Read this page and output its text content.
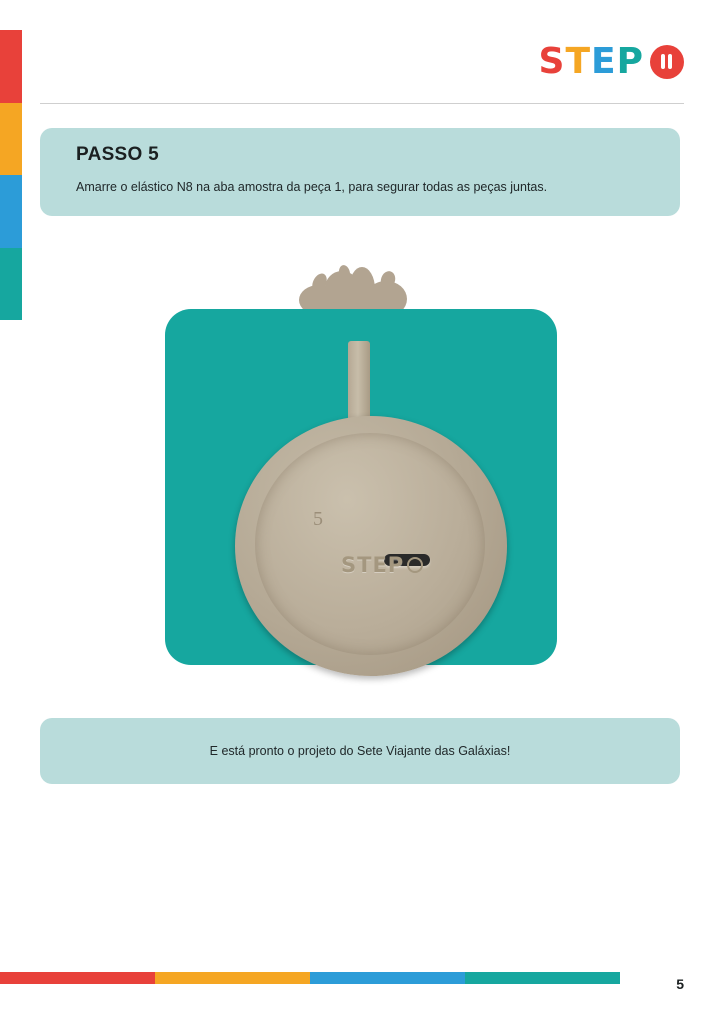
S T E P
PASSO 5
Amarre o elástico N8 na aba amostra da peça 1, para segurar todas as peças juntas.
5
STEP
E está pronto o projeto do Sete Viajante das Galáxias!
5
